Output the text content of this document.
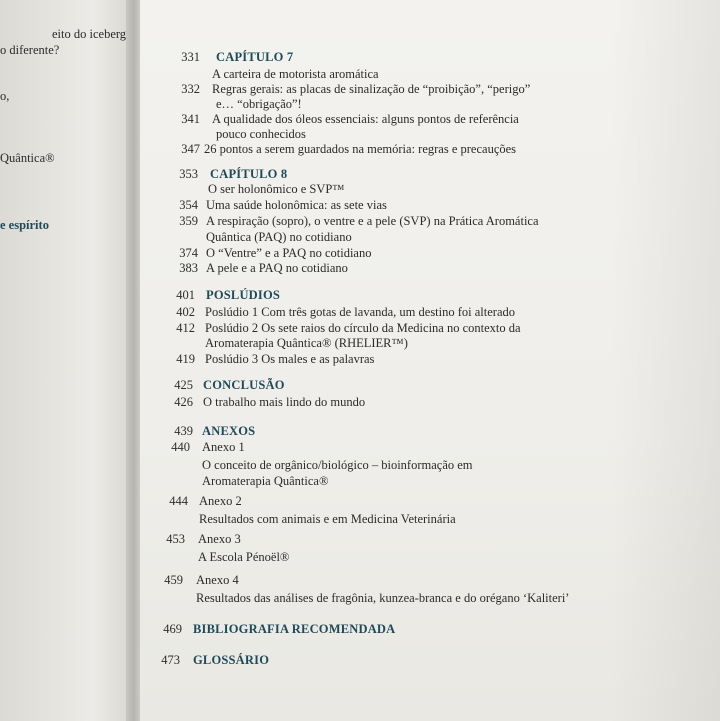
eito do iceberg
o diferente?
o,
Quântica®
e espírito
331 CAPÍTULO 7
A carteira de motorista aromática
332 Regras gerais: as placas de sinalização de “proibição”, “perigo”
e… “obrigação”!
341 A qualidade dos óleos essenciais: alguns pontos de referência
pouco conhecidos
347 26 pontos a serem guardados na memória: regras e precauções
353 CAPÍTULO 8
O ser holonômico e SVP™
354 Uma saúde holonômica: as sete vias
359 A respiração (sopro), o ventre e a pele (SVP) na Prática Aromática
Quântica (PAQ) no cotidiano
374 O “Ventre” e a PAQ no cotidiano
383 A pele e a PAQ no cotidiano
401 POSLÚDIOS
402 Poslúdio 1 Com três gotas de lavanda, um destino foi alterado
412 Poslúdio 2 Os sete raios do círculo da Medicina no contexto da
Aromaterapia Quântica® (RHELIER™)
419 Poslúdio 3 Os males e as palavras
425 CONCLUSÃO
426 O trabalho mais lindo do mundo
439 ANEXOS
440 Anexo 1
O conceito de orgânico/biológico – bioinformação em
Aromaterapia Quântica®
444 Anexo 2
Resultados com animais e em Medicina Veterinária
453 Anexo 3
A Escola Pénoël®
459 Anexo 4
Resultados das análises de fragônia, kunzea-branca e do orégano ‘Kaliteri’
469 BIBLIOGRAFIA RECOMENDADA
473 GLOSSÁRIO
